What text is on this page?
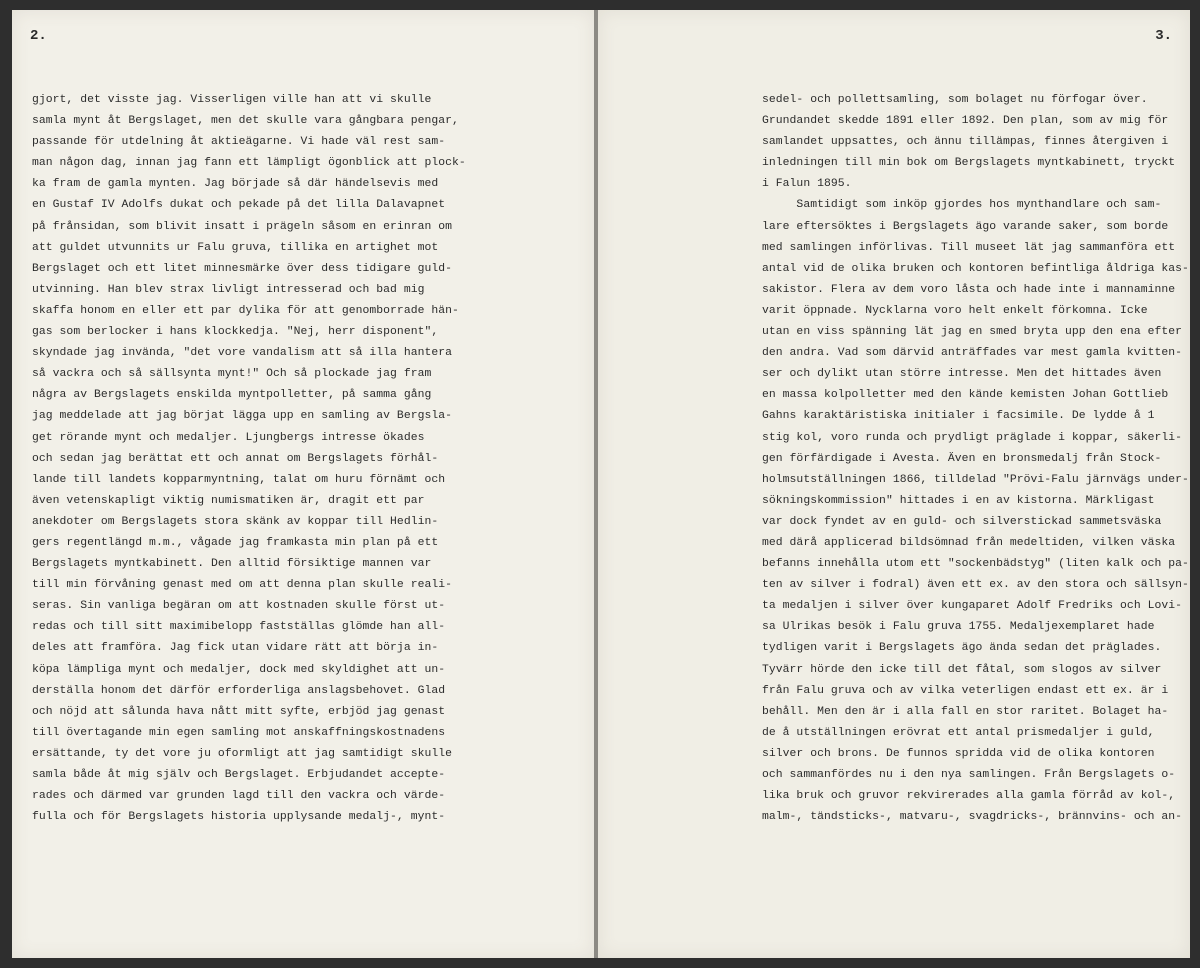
2.
gjort, det visste jag. Visserligen ville han att vi skulle
samla mynt åt Bergslaget, men det skulle vara gångbara pengar,
passande för utdelning åt aktieägarne. Vi hade väl rest sam-
man någon dag, innan jag fann ett lämpligt ögonblick att plock-
ka fram de gamla mynten. Jag började så där händelsevis med
en Gustaf IV Adolfs dukat och pekade på det lilla Dalavapnet
på frånsidan, som blivit insatt i prägeln såsom en erinran om
att guldet utvunnits ur Falu gruva, tillika en artighet mot
Bergslaget och ett litet minnesmärke över dess tidigare guld-
utvinning. Han blev strax livligt intresserad och bad mig
skaffa honom en eller ett par dylika för att genomborrade hän-
gas som berlocker i hans klockkedja. "Nej, herr disponent",
skyndade jag invända, "det vore vandalism att så illa hantera
så vackra och så sällsynta mynt!" Och så plockade jag fram
några av Bergslagets enskilda myntpolletter, på samma gång
jag meddelade att jag börjat lägga upp en samling av Bergsla-
get rörande mynt och medaljer. Ljungbergs intresse ökades
och sedan jag berättat ett och annat om Bergslagets förhål-
lande till landets kopparmyntning, talat om huru förnämt och
även vetenskapligt viktig numismatiken är, dragit ett par
anekdoter om Bergslagets stora skänk av koppar till Hedlin-
gers regentlängd m.m., vågade jag framkasta min plan på ett
Bergslagets myntkabinett. Den alltid försiktige mannen var
till min förvåning genast med om att denna plan skulle reali-
seras. Sin vanliga begäran om att kostnaden skulle först ut-
redas och till sitt maximibelopp fastställas glömde han all-
deles att framföra. Jag fick utan vidare rätt att börja in-
köpa lämpliga mynt och medaljer, dock med skyldighet att un-
derställa honom det därför erforderliga anslagsbehovet. Glad
och nöjd att sålunda hava nått mitt syfte, erbjöd jag genast
till övertagande min egen samling mot anskaffningskostnadens
ersättande, ty det vore ju oformligt att jag samtidigt skulle
samla både åt mig själv och Bergslaget. Erbjudandet accepte-
rades och därmed var grunden lagd till den vackra och värde-
fulla och för Bergslagets historia upplysande medalj-, mynt-
3.
sedel- och pollettsamling, som bolaget nu förfogar över.
Grundandet skedde 1891 eller 1892. Den plan, som av mig för
samlandet uppsattes, och ännu tillämpas, finnes återgiven i
inledningen till min bok om Bergslagets myntkabinett, tryckt
i Falun 1895.
Samtidigt som inköp gjordes hos mynthandlare och sam-
lare eftersöktes i Bergslagets ägo varande saker, som borde
med samlingen införlivas. Till museet lät jag sammanföra ett
antal vid de olika bruken och kontoren befintliga åldriga kas-
sakistor. Flera av dem voro låsta och hade inte i mannaminne
varit öppnade. Nycklarna voro helt enkelt förkomna. Icke
utan en viss spänning lät jag en smed bryta upp den ena efter
den andra. Vad som därvid anträffades var mest gamla kvitten-
ser och dylikt utan större intresse. Men det hittades även
en massa kolpolletter med den kände kemisten Johan Gottlieb
Gahns karaktäristiska initialer i facsimile. De lydde å 1
stig kol, voro runda och prydligt präglade i koppar, säkerli-
gen förfärdigade i Avesta. Även en bronsmedalj från Stock-
holmsutställningen 1866, tilldelad "Prövi-Falu järnvägs under-
sökningskommission" hittades i en av kistorna. Märkligast
var dock fyndet av en guld- och silverstickad sammetsväska
med därå applicerad bildsömnad från medeltiden, vilken väska
befanns innehålla utom ett "sockenbädstyg" (liten kalk och pa-
ten av silver i fodral) även ett ex. av den stora och sällsyn-
ta medaljen i silver över kungaparet Adolf Fredriks och Lovi-
sa Ulrikas besök i Falu gruva 1755. Medaljexemplaret hade
tydligen varit i Bergslagets ägo ända sedan det präglades.
Tyvärr hörde den icke till det fåtal, som slogos av silver
från Falu gruva och av vilka veterligen endast ett ex. är i
behåll. Men den är i alla fall en stor raritet. Bolaget ha-
de å utställningen erövrat ett antal prismedaljer i guld,
silver och brons. De funnos spridda vid de olika kontoren
och sammanfördes nu i den nya samlingen. Från Bergslagets o-
lika bruk och gruvor rekvirerades alla gamla förråd av kol-,
malm-, tändsticks-, matvaru-, svagdricks-, brännvins- och an-
